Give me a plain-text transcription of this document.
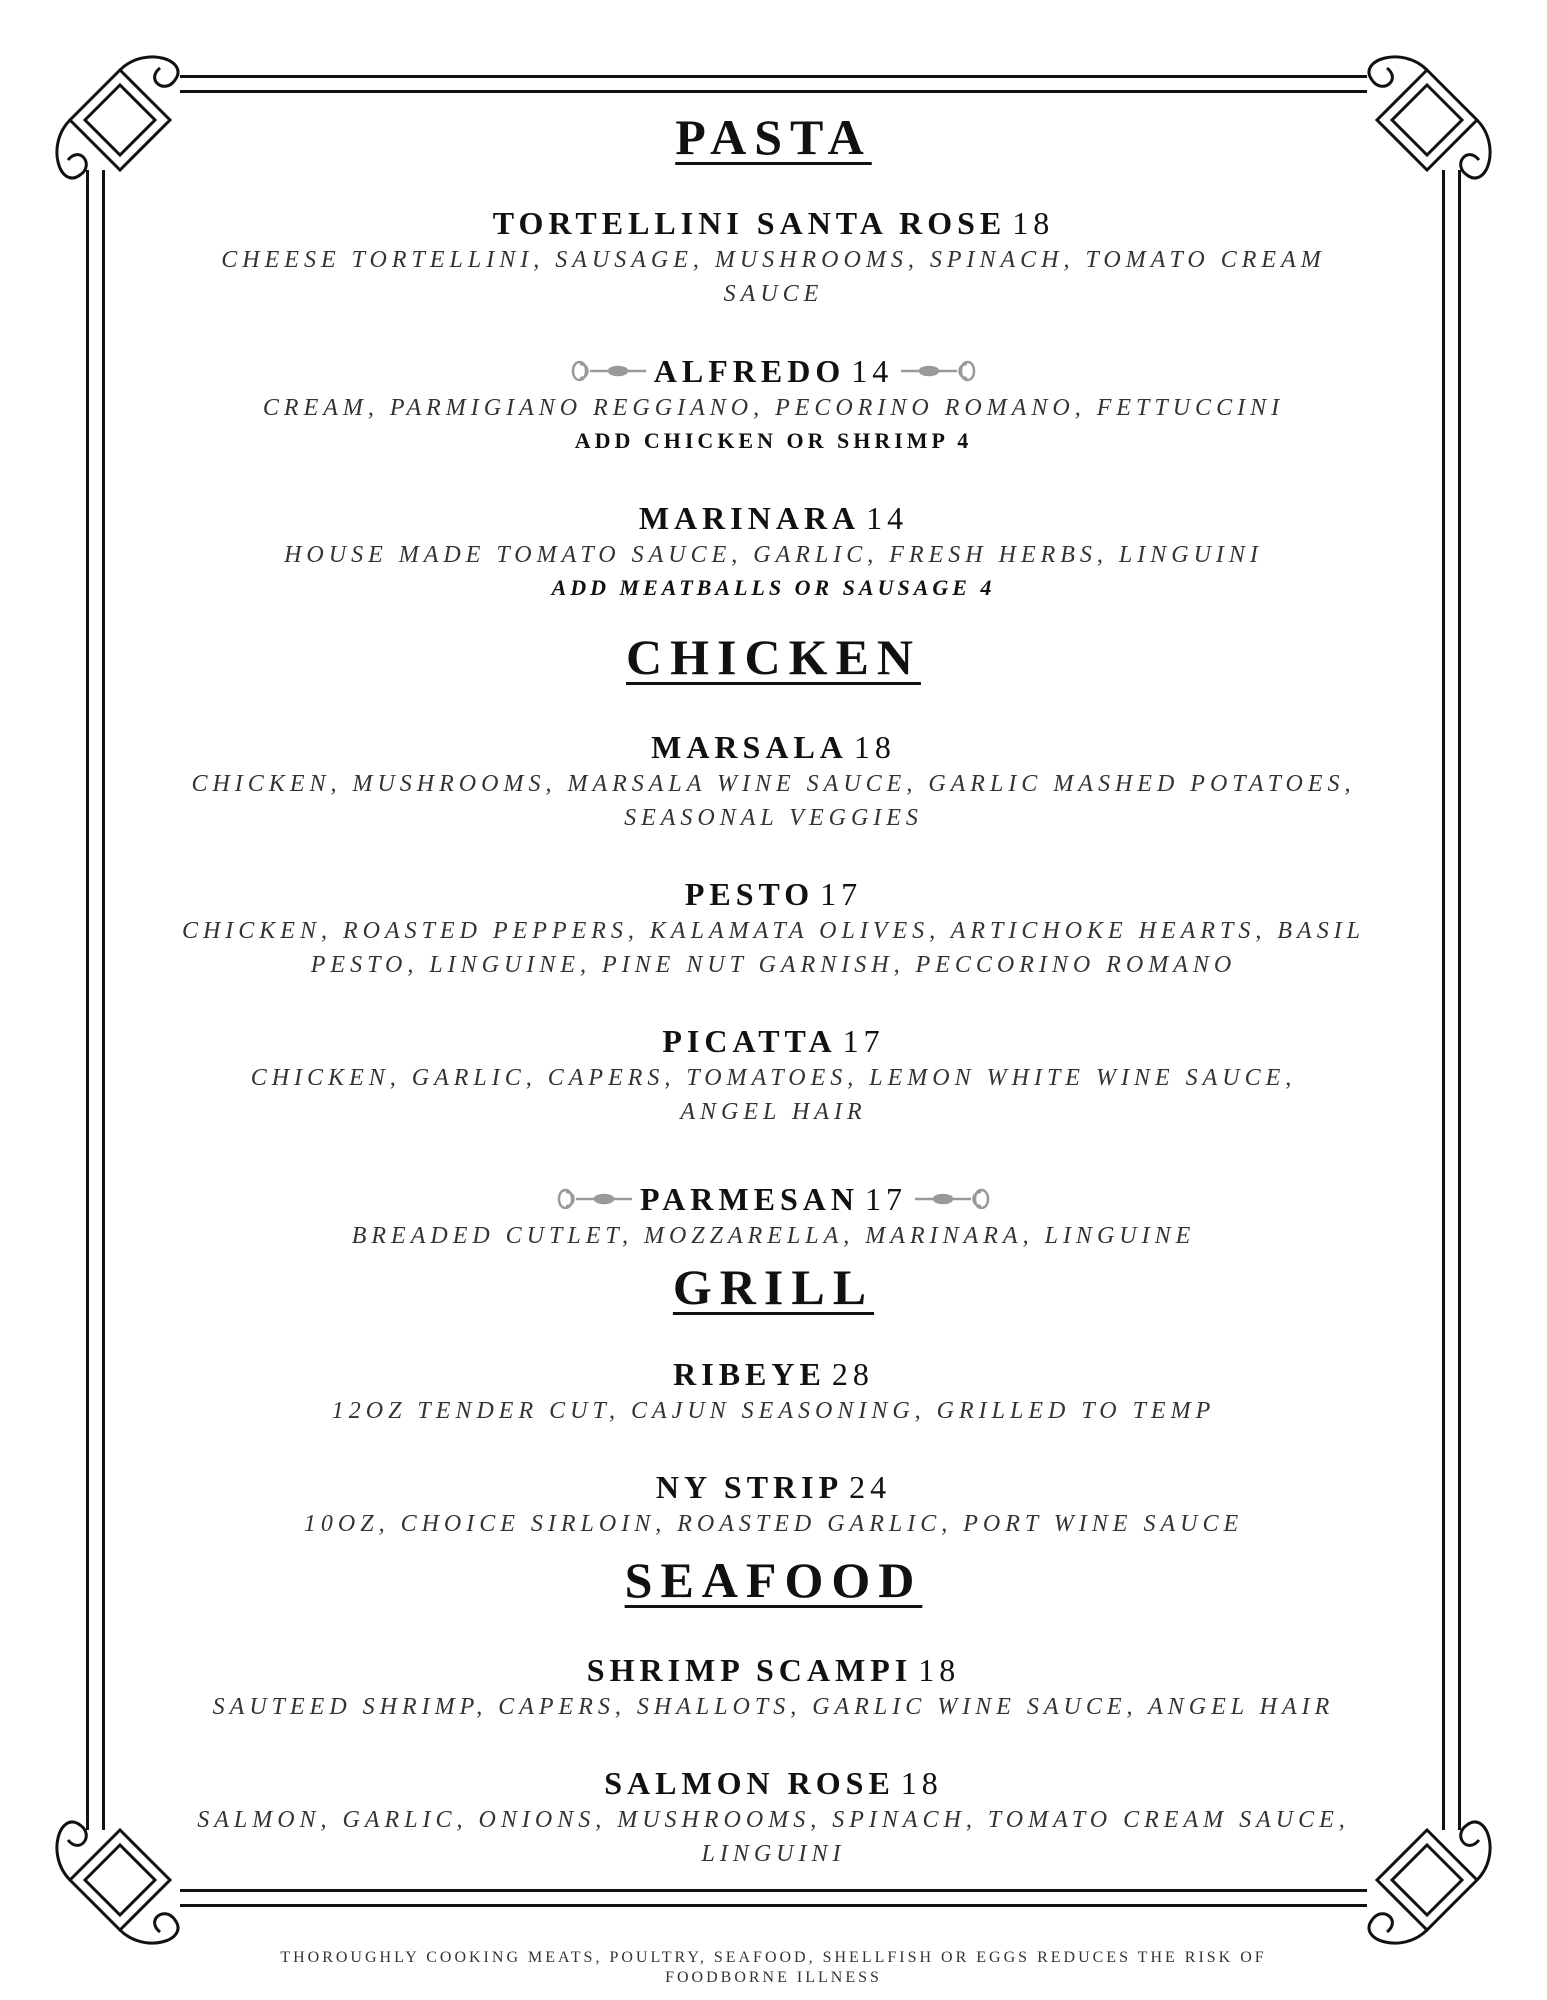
PASTA
TORTELLINI SANTA ROSE 18
CHEESE TORTELLINI, SAUSAGE, MUSHROOMS, SPINACH, TOMATO CREAM SAUCE
ALFREDO 14
CREAM, PARMIGIANO REGGIANO, PECORINO ROMANO, FETTUCCINI
ADD CHICKEN OR SHRIMP 4
MARINARA 14
HOUSE MADE TOMATO SAUCE, GARLIC, FRESH HERBS, LINGUINI
ADD MEATBALLS OR SAUSAGE 4
CHICKEN
MARSALA 18
CHICKEN, MUSHROOMS, MARSALA WINE SAUCE, GARLIC MASHED POTATOES, SEASONAL VEGGIES
PESTO 17
CHICKEN, ROASTED PEPPERS, KALAMATA OLIVES, ARTICHOKE HEARTS, BASIL PESTO, LINGUINE, PINE NUT GARNISH, PECCORINO ROMANO
PICATTA 17
CHICKEN, GARLIC, CAPERS, TOMATOES, LEMON WHITE WINE SAUCE, ANGEL HAIR
PARMESAN 17
BREADED CUTLET, MOZZARELLA, MARINARA, LINGUINE
GRILL
RIBEYE 28
12OZ TENDER CUT, CAJUN SEASONING, GRILLED TO TEMP
NY STRIP 24
10OZ, CHOICE SIRLOIN, ROASTED GARLIC, PORT WINE SAUCE
SEAFOOD
SHRIMP SCAMPI 18
SAUTEED SHRIMP, CAPERS, SHALLOTS, GARLIC WINE SAUCE, ANGEL HAIR
SALMON ROSE 18
SALMON, GARLIC, ONIONS, MUSHROOMS, SPINACH, TOMATO CREAM SAUCE, LINGUINI
THOROUGHLY COOKING MEATS, POULTRY, SEAFOOD, SHELLFISH OR EGGS REDUCES THE RISK OF FOODBORNE ILLNESS
